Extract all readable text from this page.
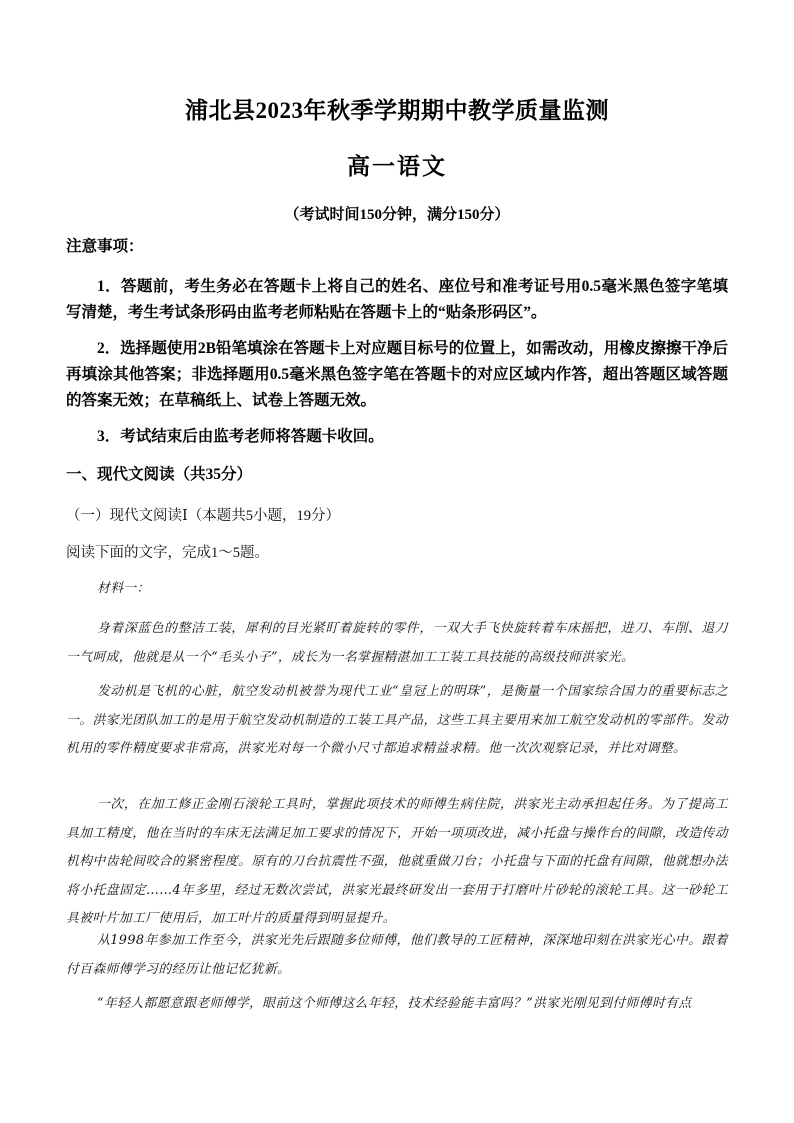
浦北县2023年秋季学期期中教学质量监测
高一语文
（考试时间150分钟，满分150分）
注意事项：
1．答题前，考生务必在答题卡上将自己的姓名、座位号和准考证号用0.5毫米黑色签字笔填写清楚，考生考试条形码由监考老师粘贴在答题卡上的“贴条形码区”。
2．选择题使用2B铅笔填涂在答题卡上对应题目标号的位置上，如需改动，用橡皮擦擦干净后再填涂其他答案；非选择题用0.5毫米黑色签字笔在答题卡的对应区域内作答，超出答题区域答题的答案无效；在草稿纸上、试卷上答题无效。
3．考试结束后由监考老师将答题卡收回。
一、现代文阅读（共35分）
（一）现代文阅读Ⅰ（本题共5小题，19分）
阅读下面的文字，完成1～5题。
材料一：
身着深蓝色的整洁工装，犀利的目光紧盯着旋转的零件，一双大手飞快旋转着车床摇把，进刀、车削、退刀一气呵成，他就是从一个“毛头小子”，成长为一名掌握精湛加工工装工具技能的高级技师洪家光。
发动机是飞机的心脏，航空发动机被誉为现代工业“皇冠上的明珠”，是衡量一个国家综合国力的重要标志之一。洪家光团队加工的是用于航空发动机制造的工装工具产品，这些工具主要用来加工航空发动机的零部件。发动机用的零件精度要求非常高，洪家光对每一个微小尺寸都追求精益求精。他一次次观察记录，并比对调整。
一次，在加工修正金刚石滚轮工具时，掌握此项技术的师傅生病住院，洪家光主动承担起任务。为了提高工具加工精度，他在当时的车床无法满足加工要求的情况下，开始一项项改进，减小托盘与操作台的间隙，改造传动机构中齿轮间咬合的紧密程度。原有的刀台抗震性不强，他就重做刀台；小托盘与下面的托盘有间隙，他就想办法将小托盘固定……4年多里，经过无数次尝试，洪家光最终研发出一套用于打磨叶片砂轮的滚轮工具。这一砂轮工具被叶片加工厂使用后，加工叶片的质量得到明显提升。
从1998年参加工作至今，洪家光先后跟随多位师傅，他们教导的工匠精神，深深地印刻在洪家光心中。跟着付百森师傅学习的经历让他记忆犹新。
“年轻人都愿意跟老师傅学，眼前这个师傅这么年轻，技术经验能丰富吗？”洪家光刚见到付师傅时有点
